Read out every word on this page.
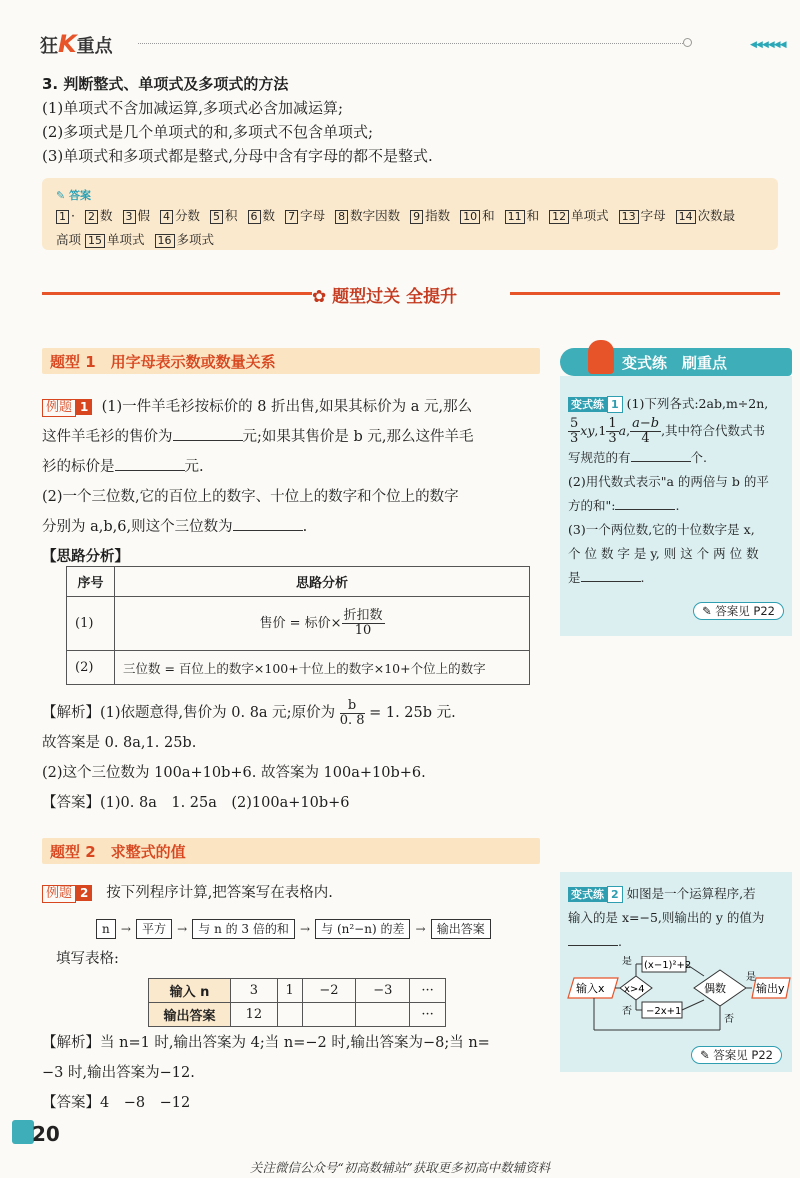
狂K重点	◀◀◀◀◀◀
3. 判断整式、单项式及多项式的方法
(1)单项式不含加减运算,多项式必含加减运算;
(2)多项式是几个单项式的和,多项式不包含单项式;
(3)单项式和多项式都是整式,分母中含有字母的都不是整式.
✎ 答案
1 · 2 数 3 假 4 分数 5 积 6 数 7 字母 8 数字因数 9 指数 10 和 11 和 12 单项式 13 字母 14 次数最
高项 15 单项式 16 多项式
✿ 题型过关 全提升
题型 1　用字母表示数或数量关系
例题 1 (1)一件羊毛衫按标价的 8 折出售,如果其标价为 a 元,那么
这件羊毛衫的售价为	元;如果其售价是 b 元,那么这件羊毛
衫的标价是	元.
(2)一个三位数,它的百位上的数字、十位上的数字和个位上的数字
分别为 a,b,6,则这个三位数为	.
【思路分析】
序号	思路分析
(1)	售价 = 标价× $\frac{\text{折扣数}}{10}$

(2)	三位数 = 百位上的数字×100+十位上的数字×10+个位上的数字
【解析】(1)依题意得,售价为 0. 8a 元;原价为 $\frac{b}{0. 8} = 1$. 25b 元.
故答案是 0. 8a,1. 25b.
(2)这个三位数为 100a+10b+6. 故答案为 100a+10b+6.
【答案】(1)0. 8a　1. 25a　(2)100a+10b+6
题型 2　求整式的值
例题 2 按下列程序计算,把答案写在表格内.
n → 平方 → 与 n 的 3 倍的和 → 与 (n²−n) 的差 → 输出答案
填写表格:
输入 n	3	1	−2	−3	···
输出答案	12				···
【解析】当 n=1 时,输出答案为 4;当 n=−2 时,输出答案为−8;当 n=
−3 时,输出答案为−12.
【答案】4　−8　−12
变式练　刷重点
变式练 1 (1)下列各式:2ab,m÷2n,
$\frac{5}{3} xy,1 \frac{1}{3} a$, $\frac{a-b}{4}$ ,其中符合代数式书
写规范的有	个.
(2)用代数式表示"a 的两倍与 b 的平
方的和":	.
(3)一个两位数,它的十位数字是 x,
个 位 数 字 是 y, 则 这 个 两 位 数
是	.
✎ 答案见 P22
变式练 2 如图是一个运算程序,若
输入的是 x=−5,则输出的 y 的值为
.
输入x x>4
(x−1)²+2
是
−2x+1
否
偶数	输出y
是
否
✎ 答案见 P22
20
关注微信公众号“初高数辅站”获取更多初高中数辅资料
